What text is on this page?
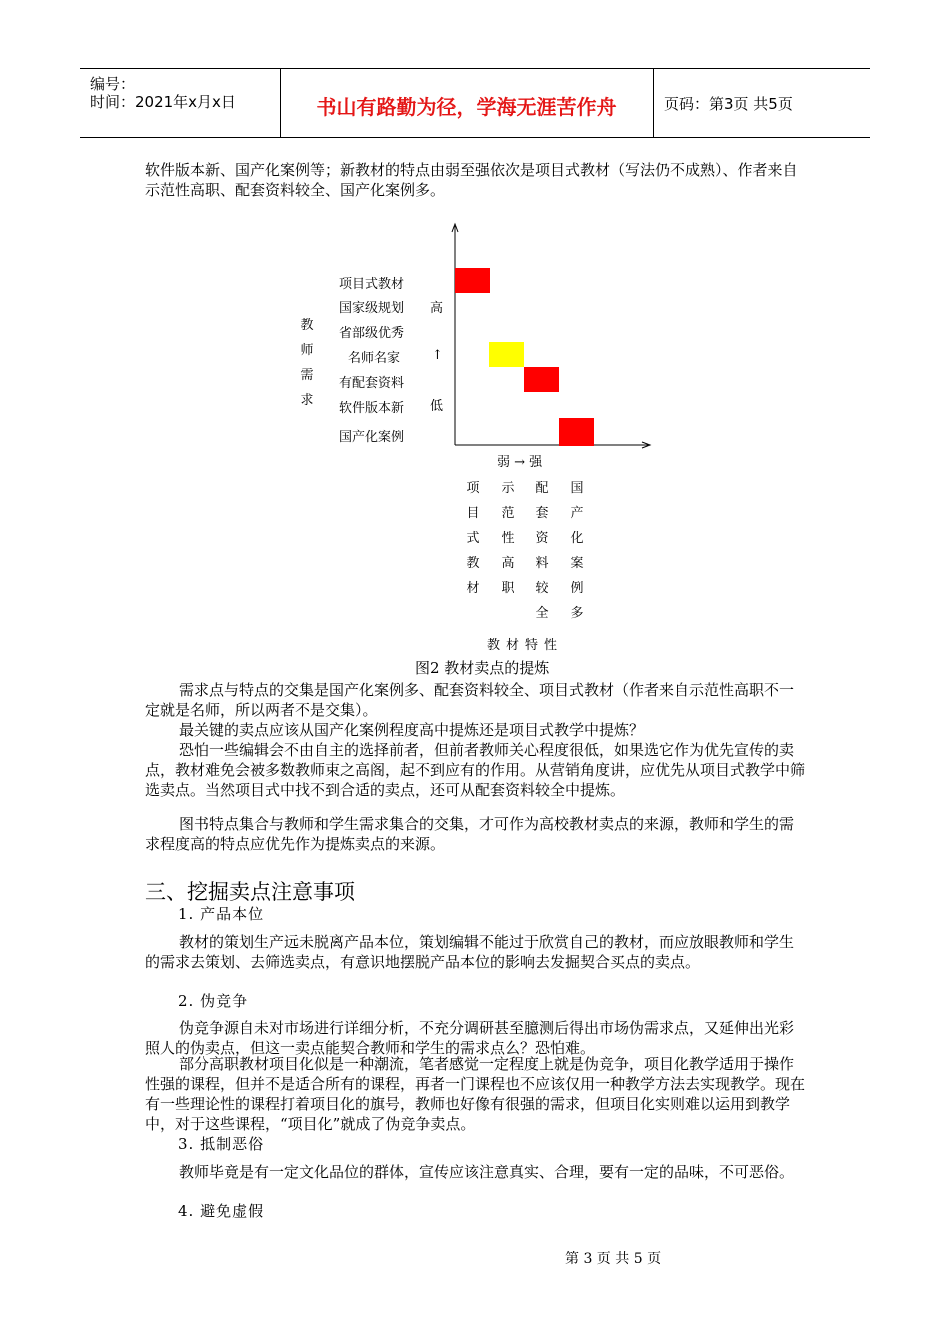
编号：
时间：2021年x月x日	书山有路勤为径，学海无涯苦作舟	页码：第3页 共5页

软件版本新、国产化案例等；新教材的特点由弱至强依次是项目式教材（写法仍不成熟）、作者来自示范性高职、配套资料较全、国产化案例多。

教
师
需
求
项目式教材
国家级规划
省部级优秀
名师名家
有配套资料
软件版本新
国产化案例
高
↑
低
弱 → 强
项
目
式
教
材
示
范
性
高
职
配
套
资
料
较
全
国
产
化
案
例
多
教材特性
图2 教材卖点的提炼

需求点与特点的交集是国产化案例多、配套资料较全、项目式教材（作者来自示范性高职不一定就是名师，所以两者不是交集）。

最关键的卖点应该从国产化案例程度高中提炼还是项目式教学中提炼？

恐怕一些编辑会不由自主的选择前者，但前者教师关心程度很低，如果选它作为优先宣传的卖点，教材难免会被多数教师束之高阁，起不到应有的作用。从营销角度讲，应优先从项目式教学中筛选卖点。当然项目式中找不到合适的卖点，还可从配套资料较全中提炼。

图书特点集合与教师和学生需求集合的交集，才可作为高校教材卖点的来源，教师和学生的需求程度高的特点应优先作为提炼卖点的来源。

三、挖掘卖点注意事项
1. 产品本位

教材的策划生产远未脱离产品本位，策划编辑不能过于欣赏自己的教材，而应放眼教师和学生的需求去策划、去筛选卖点，有意识地摆脱产品本位的影响去发掘契合买点的卖点。

2. 伪竞争

伪竞争源自未对市场进行详细分析，不充分调研甚至臆测后得出市场伪需求点，又延伸出光彩照人的伪卖点，但这一卖点能契合教师和学生的需求点么？恐怕难。

部分高职教材项目化似是一种潮流，笔者感觉一定程度上就是伪竞争，项目化教学适用于操作性强的课程，但并不是适合所有的课程，再者一门课程也不应该仅用一种教学方法去实现教学。现在有一些理论性的课程打着项目化的旗号，教师也好像有很强的需求，但项目化实则难以运用到教学中，对于这些课程，“项目化”就成了伪竞争卖点。

3. 抵制恶俗

教师毕竟是有一定文化品位的群体，宣传应该注意真实、合理，要有一定的品味，不可恶俗。

4. 避免虚假
第 3 页 共 5 页
